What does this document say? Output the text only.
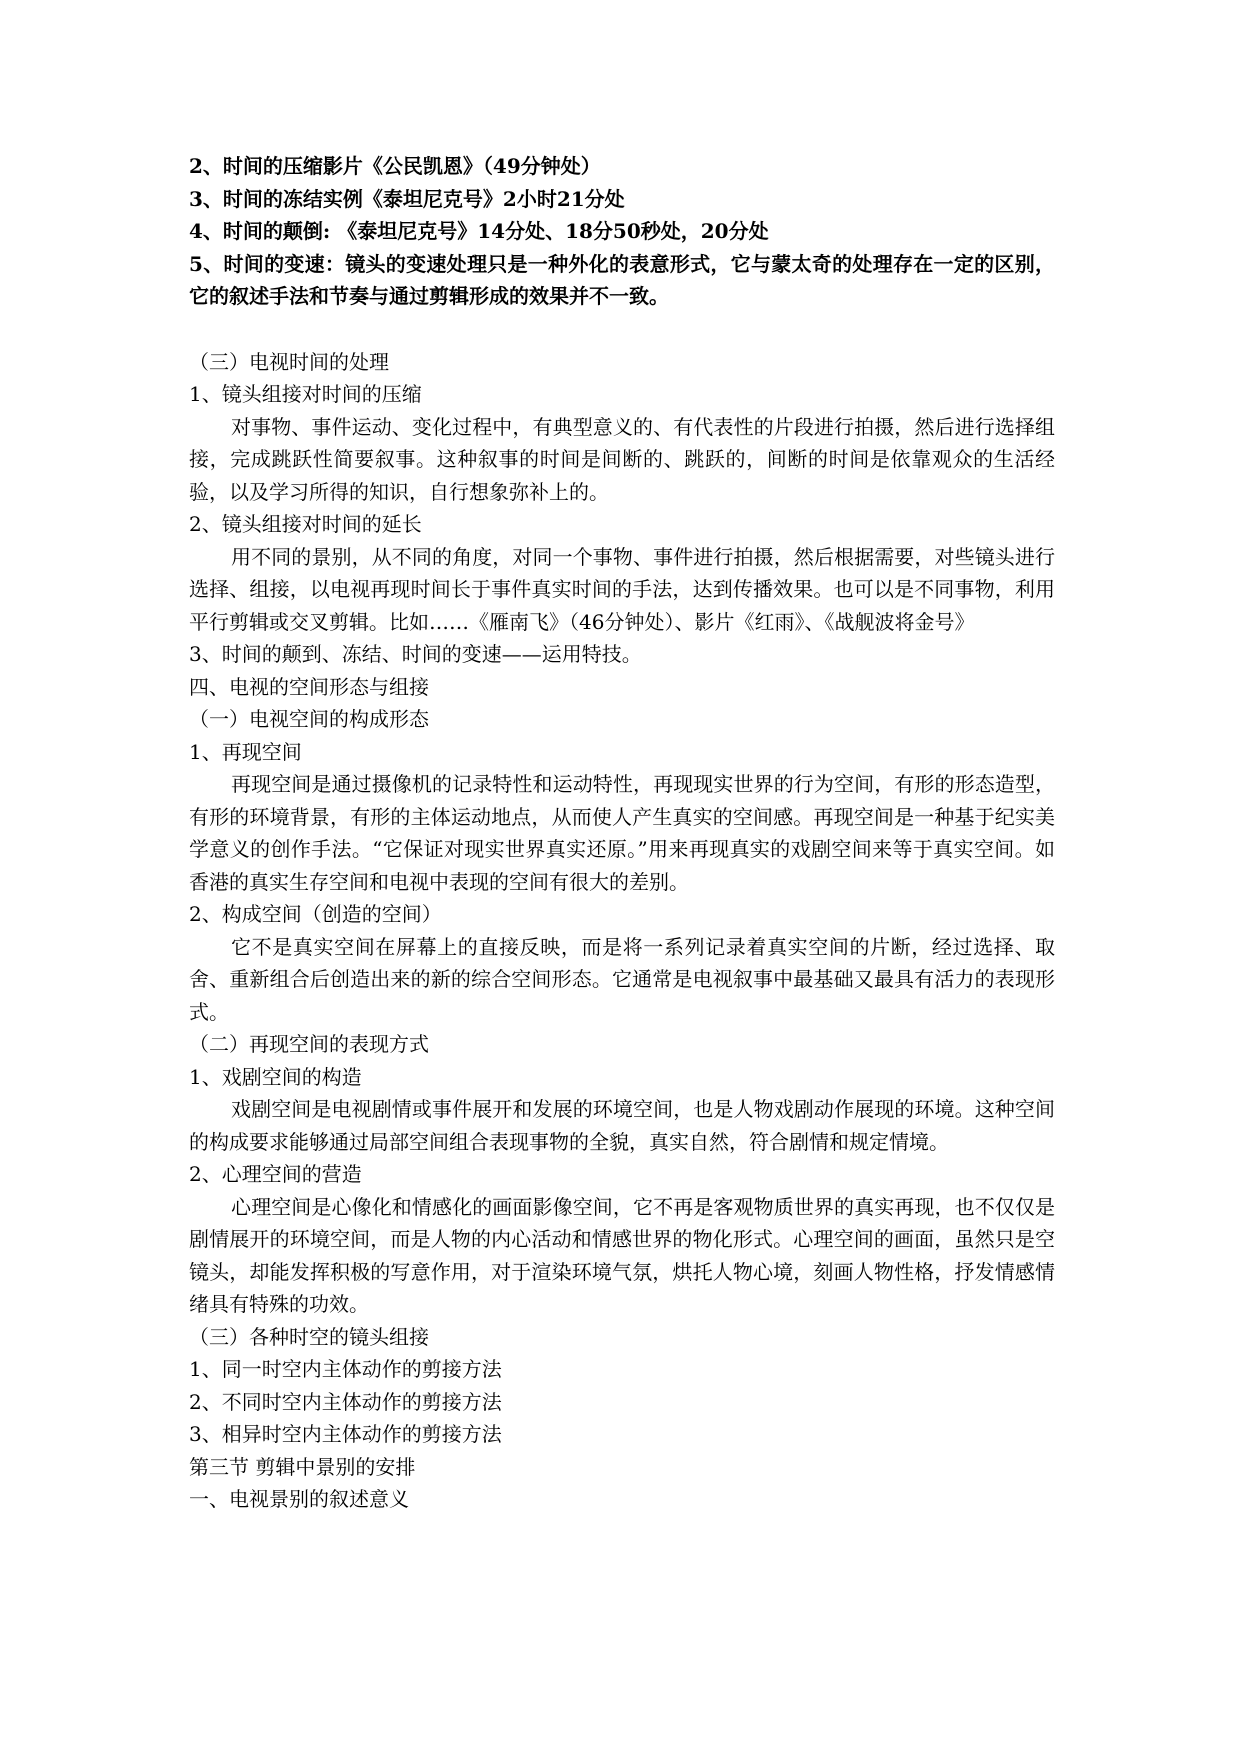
2、时间的压缩影片《公民凯恩》（49分钟处）

3、时间的冻结实例《泰坦尼克号》2小时21分处

4、时间的颠倒: 《泰坦尼克号》14分处、18分50秒处，20分处

5、时间的变速：镜头的变速处理只是一种外化的表意形式，它与蒙太奇的处理存在一定的区别，它的叙述手法和节奏与通过剪辑形成的效果并不一致。

（三）电视时间的处理

1、镜头组接对时间的压缩

对事物、事件运动、变化过程中，有典型意义的、有代表性的片段进行拍摄，然后进行选择组接，完成跳跃性简要叙事。这种叙事的时间是间断的、跳跃的，间断的时间是依靠观众的生活经验，以及学习所得的知识，自行想象弥补上的。

2、镜头组接对时间的延长

用不同的景别，从不同的角度，对同一个事物、事件进行拍摄，然后根据需要，对些镜头进行选择、组接，以电视再现时间长于事件真实时间的手法，达到传播效果。也可以是不同事物，利用平行剪辑或交叉剪辑。比如……《雁南飞》（46分钟处）、影片《红雨》、《战舰波将金号》

3、时间的颠到、冻结、时间的变速——运用特技。

四、电视的空间形态与组接

（一）电视空间的构成形态

1、再现空间

再现空间是通过摄像机的记录特性和运动特性，再现现实世界的行为空间，有形的形态造型，有形的环境背景，有形的主体运动地点，从而使人产生真实的空间感。再现空间是一种基于纪实美学意义的创作手法。“它保证对现实世界真实还原。”用来再现真实的戏剧空间来等于真实空间。如香港的真实生存空间和电视中表现的空间有很大的差别。

2、构成空间（创造的空间）

它不是真实空间在屏幕上的直接反映，而是将一系列记录着真实空间的片断，经过选择、取舍、重新组合后创造出来的新的综合空间形态。它通常是电视叙事中最基础又最具有活力的表现形式。

（二）再现空间的表现方式

1、戏剧空间的构造

戏剧空间是电视剧情或事件展开和发展的环境空间，也是人物戏剧动作展现的环境。这种空间的构成要求能够通过局部空间组合表现事物的全貌，真实自然，符合剧情和规定情境。

2、心理空间的营造

心理空间是心像化和情感化的画面影像空间，它不再是客观物质世界的真实再现，也不仅仅是剧情展开的环境空间，而是人物的内心活动和情感世界的物化形式。心理空间的画面，虽然只是空镜头，却能发挥积极的写意作用，对于渲染环境气氛，烘托人物心境，刻画人物性格，抒发情感情绪具有特殊的功效。

（三）各种时空的镜头组接

1、同一时空内主体动作的剪接方法

2、不同时空内主体动作的剪接方法

3、相异时空内主体动作的剪接方法

第三节 剪辑中景别的安排

一、电视景别的叙述意义
